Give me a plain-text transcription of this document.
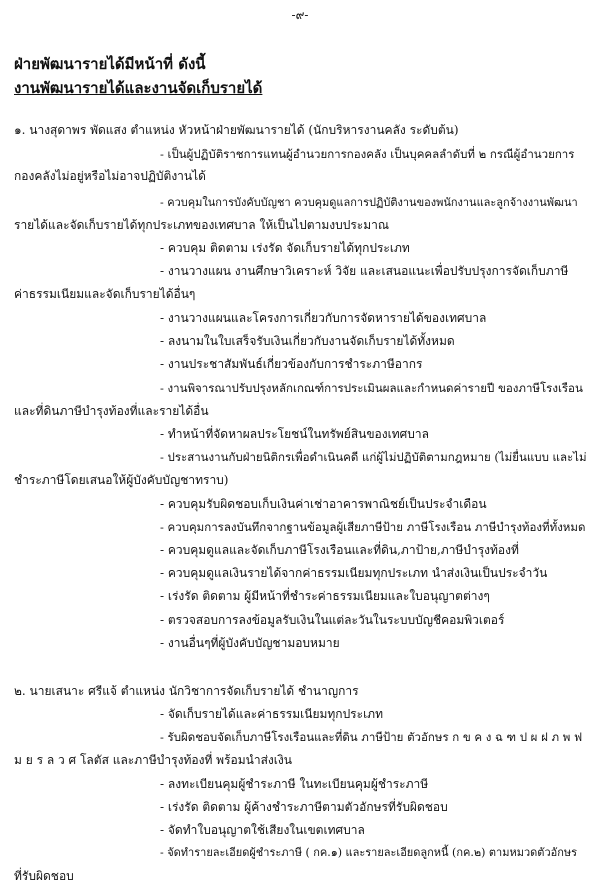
-๙-
ฝ่ายพัฒนารายได้มีหน้าที่ ดังนี้
งานพัฒนารายได้และงานจัดเก็บรายได้
๑. นางสุดาพร พัดแสง ตำแหน่ง หัวหน้าฝ่ายพัฒนารายได้ (นักบริหารงานคลัง ระดับต้น)
- เป็นผู้ปฏิบัติราชการแทนผู้อำนวยการกองคลัง เป็นบุคคลลำดับที่ ๒ กรณีผู้อำนวยการ
กองคลังไม่อยู่หรือไม่อาจปฏิบัติงานได้
- ควบคุมในการบังคับบัญชา ควบคุมดูแลการปฏิบัติงานของพนักงานและลูกจ้างงานพัฒนา
รายได้และจัดเก็บรายได้ทุกประเภทของเทศบาล ให้เป็นไปตามงบประมาณ
- ควบคุม ติดตาม เร่งรัด จัดเก็บรายได้ทุกประเภท
- งานวางแผน งานศึกษาวิเคราะห์ วิจัย และเสนอแนะเพื่อปรับปรุงการจัดเก็บภาษี
ค่าธรรมเนียมและจัดเก็บรายได้อื่นๆ
- งานวางแผนและโครงการเกี่ยวกับการจัดหารายได้ของเทศบาล
- ลงนามในใบเสร็จรับเงินเกี่ยวกับงานจัดเก็บรายได้ทั้งหมด
- งานประชาสัมพันธ์เกี่ยวข้องกับการชำระภาษีอากร
- งานพิจารณาปรับปรุงหลักเกณฑ์การประเมินผลและกำหนดค่ารายปี ของภาษีโรงเรือน
และที่ดินภาษีบำรุงท้องที่และรายได้อื่น
- ทำหน้าที่จัดหาผลประโยชน์ในทรัพย์สินของเทศบาล
- ประสานงานกับฝ่ายนิติกรเพื่อดำเนินคดี แก่ผู้ไม่ปฏิบัติตามกฎหมาย (ไม่ยื่นแบบ และไม่
ชำระภาษีโดยเสนอให้ผู้บังคับบัญชาทราบ)
- ควบคุมรับผิดชอบเก็บเงินค่าเช่าอาคารพาณิชย์เป็นประจำเดือน
- ควบคุมการลงบันทึกจากฐานข้อมูลผู้เสียภาษีป้าย ภาษีโรงเรือน ภาษีบำรุงท้องที่ทั้งหมด
- ควบคุมดูแลและจัดเก็บภาษีโรงเรือนและที่ดิน,ภาป้าย,ภาษีบำรุงท้องที่
- ควบคุมดูแลเงินรายได้จากค่าธรรมเนียมทุกประเภท นำส่งเงินเป็นประจำวัน
- เร่งรัด ติดตาม ผู้มีหน้าที่ชำระค่าธรรมเนียมและใบอนุญาตต่างๆ
- ตรวจสอบการลงข้อมูลรับเงินในแต่ละวันในระบบบัญชีคอมพิวเตอร์
- งานอื่นๆที่ผู้บังคับบัญชามอบหมาย
๒. นายเสนาะ ศรีแจ้ ตำแหน่ง นักวิชาการจัดเก็บรายได้ ชำนาญการ
- จัดเก็บรายได้และค่าธรรมเนียมทุกประเภท
- รับผิดชอบจัดเก็บภาษีโรงเรือนและที่ดิน ภาษีป้าย ตัวอักษร ก ข ค ง ฉ ฑ ป ผ ฝ ภ พ ฟ
ม ย ร ล ว ศ โลตัส และภาษีบำรุงท้องที่ พร้อมนำส่งเงิน
- ลงทะเบียนคุมผู้ชำระภาษี ในทะเบียนคุมผู้ชำระภาษี
- เร่งรัด ติดตาม ผู้ค้างชำระภาษีตามตัวอักษรที่รับผิดชอบ
- จัดทำใบอนุญาตใช้เสียงในเขตเทศบาล
- จัดทำรายละเอียดผู้ชำระภาษี ( กค.๑) และรายละเอียดลูกหนี้ (กค.๒) ตามหมวดตัวอักษร
ที่รับผิดชอบ
